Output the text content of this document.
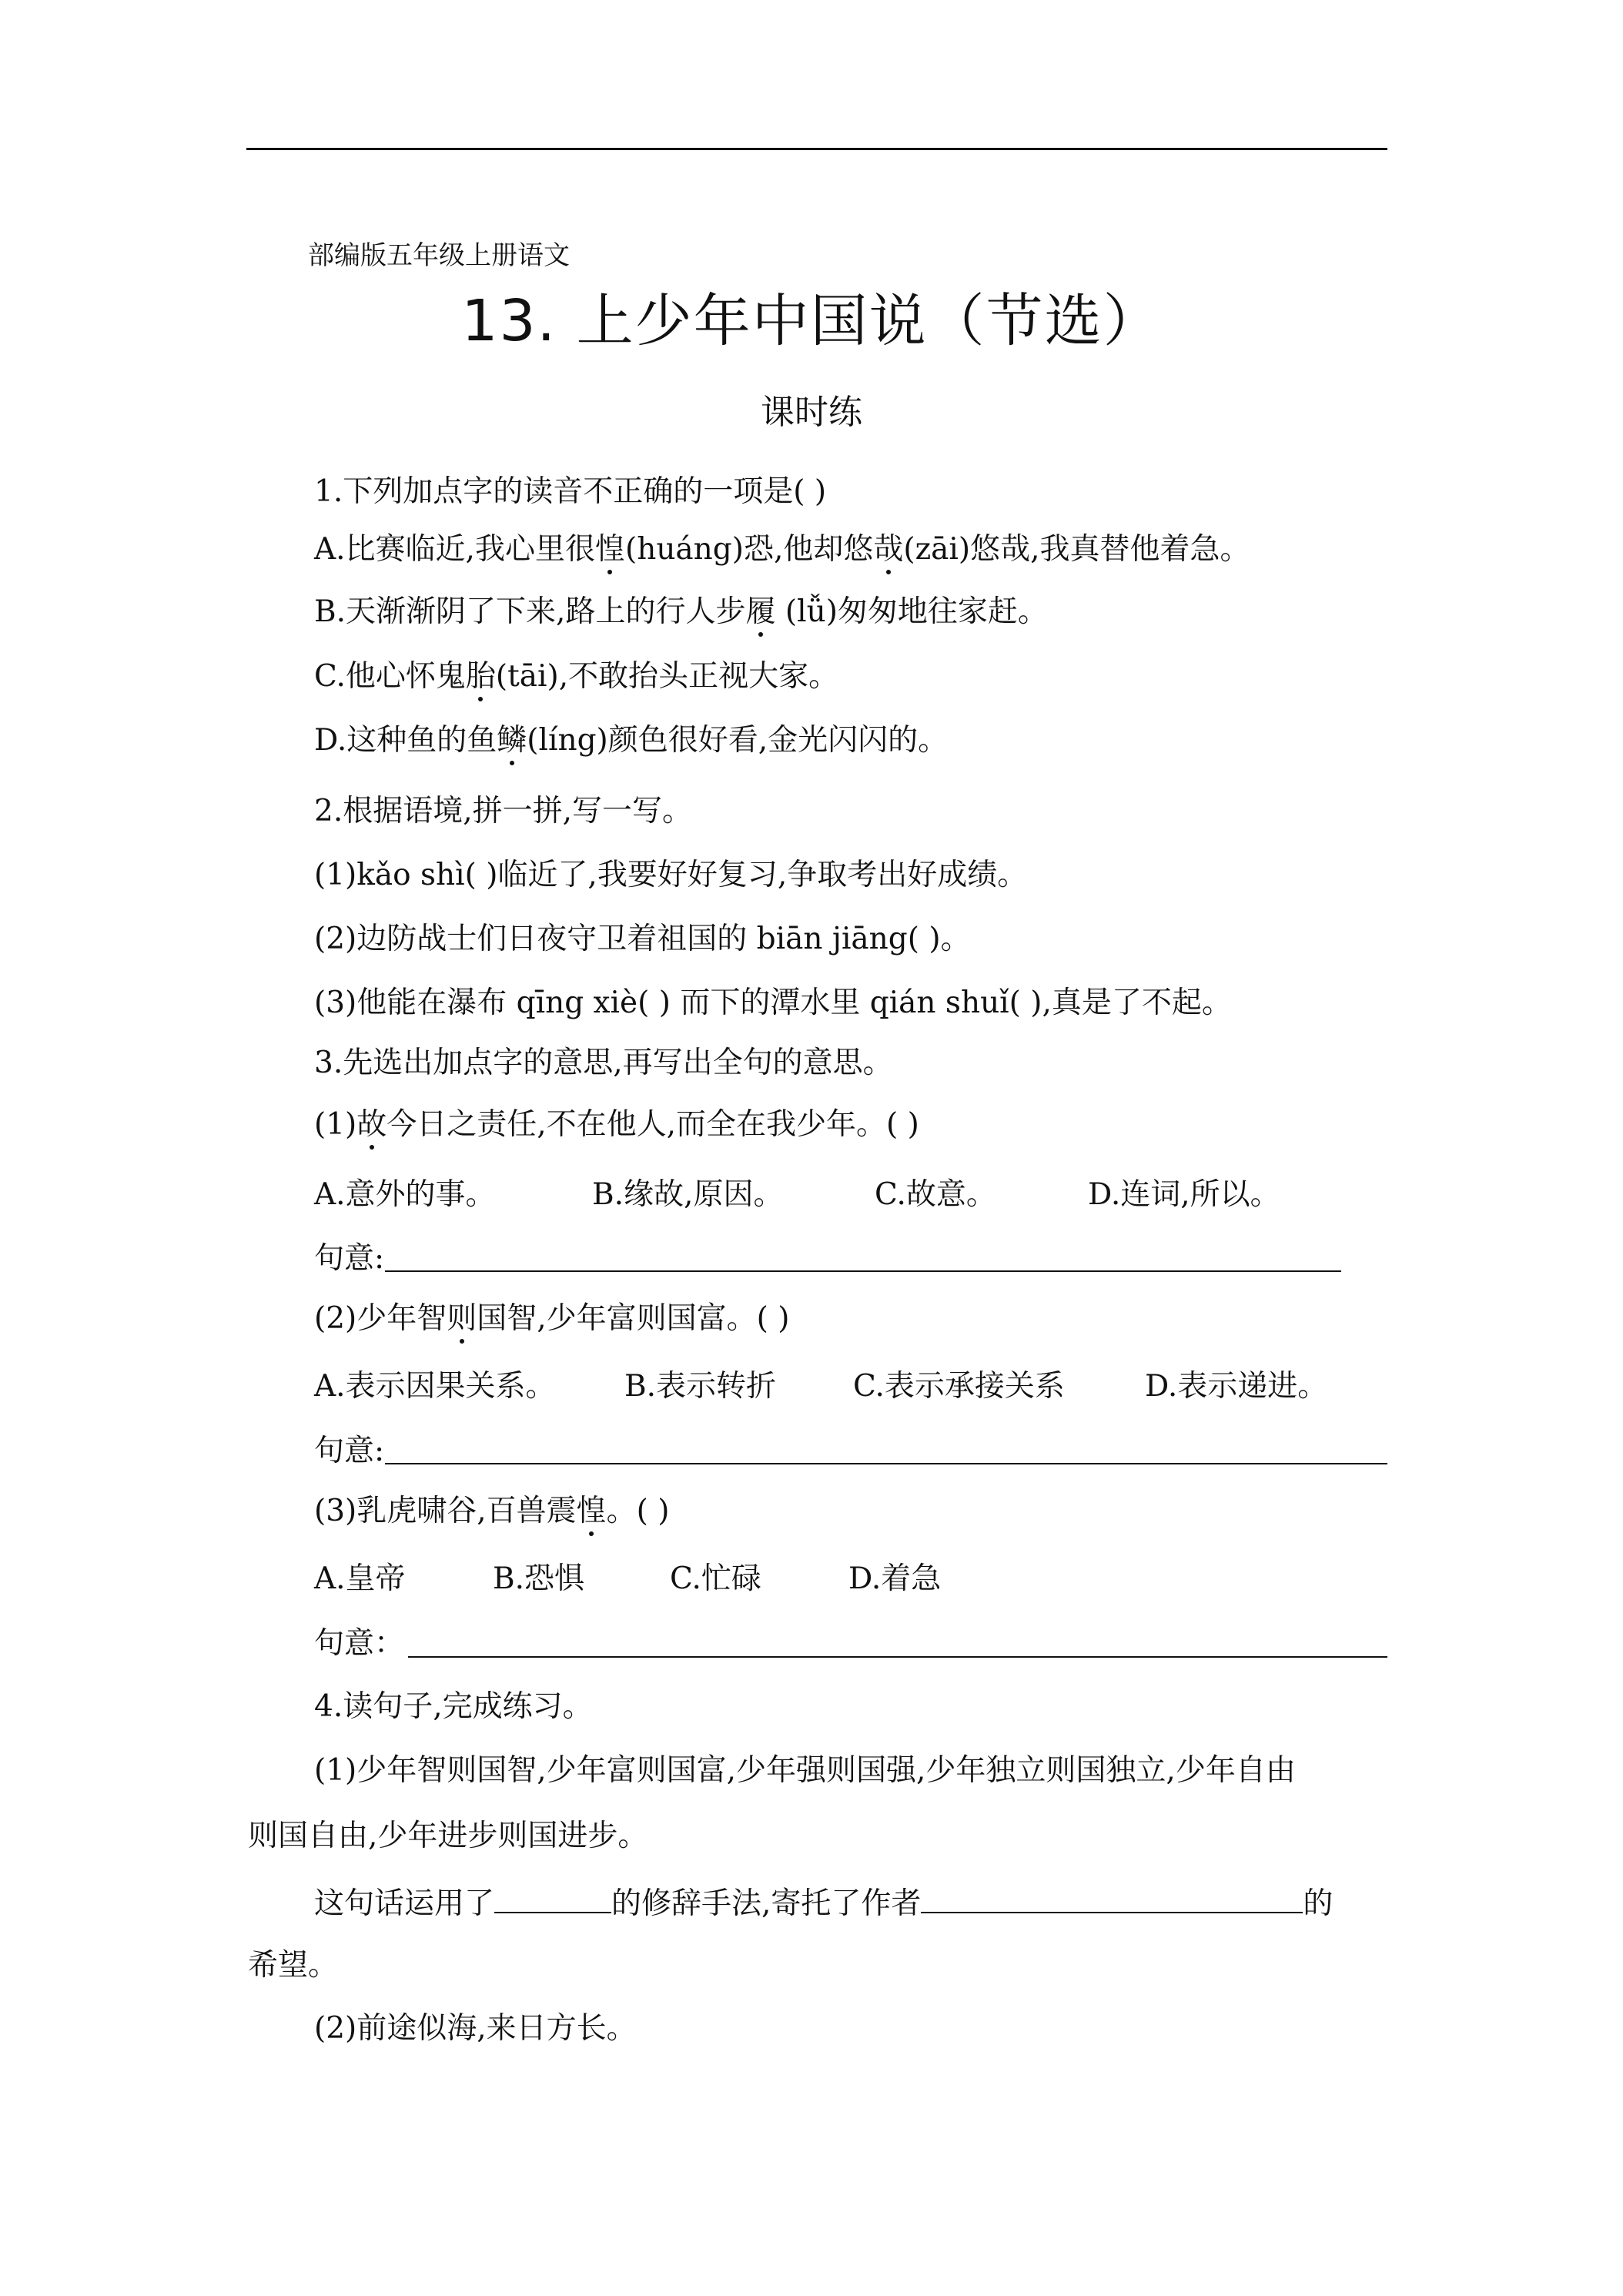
部编版五年级上册语文
13. 上少年中国说（节选）
课时练
1.下列加点字的读音不正确的一项是( )
A.比赛临近,我心里很惶(huáng)恐,他却悠哉(zāi)悠哉,我真替他着急。
B.天渐渐阴了下来,路上的行人步履 (lǚ)匆匆地往家赶。
C.他心怀鬼胎(tāi),不敢抬头正视大家。
D.这种鱼的鱼鳞(líng)颜色很好看,金光闪闪的。
2.根据语境,拼一拼,写一写。
(1)kǎo shì( )临近了,我要好好复习,争取考出好成绩。
(2)边防战士们日夜守卫着祖国的 biān jiāng( )。
(3)他能在瀑布 qīng xiè( ) 而下的潭水里 qián shuǐ( ),真是了不起。
3.先选出加点字的意思,再写出全句的意思。
(1)故今日之责任,不在他人,而全在我少年。( )
A.意外的事。	B.缘故,原因。	C.故意。	D.连词,所以。
句意:
(2)少年智则国智,少年富则国富。( )
A.表示因果关系。 B.表示转折	C.表示承接关系	D.表示递进。
句意:
(3)乳虎啸谷,百兽震惶。( )
A.皇帝	B.恐惧	C.忙碌	D.着急
句意：
4.读句子,完成练习。
(1)少年智则国智,少年富则国富,少年强则国强,少年独立则国独立,少年自由
则国自由,少年进步则国进步。
这句话运用了	的修辞手法,寄托了作者	的
希望。
(2)前途似海,来日方长。
